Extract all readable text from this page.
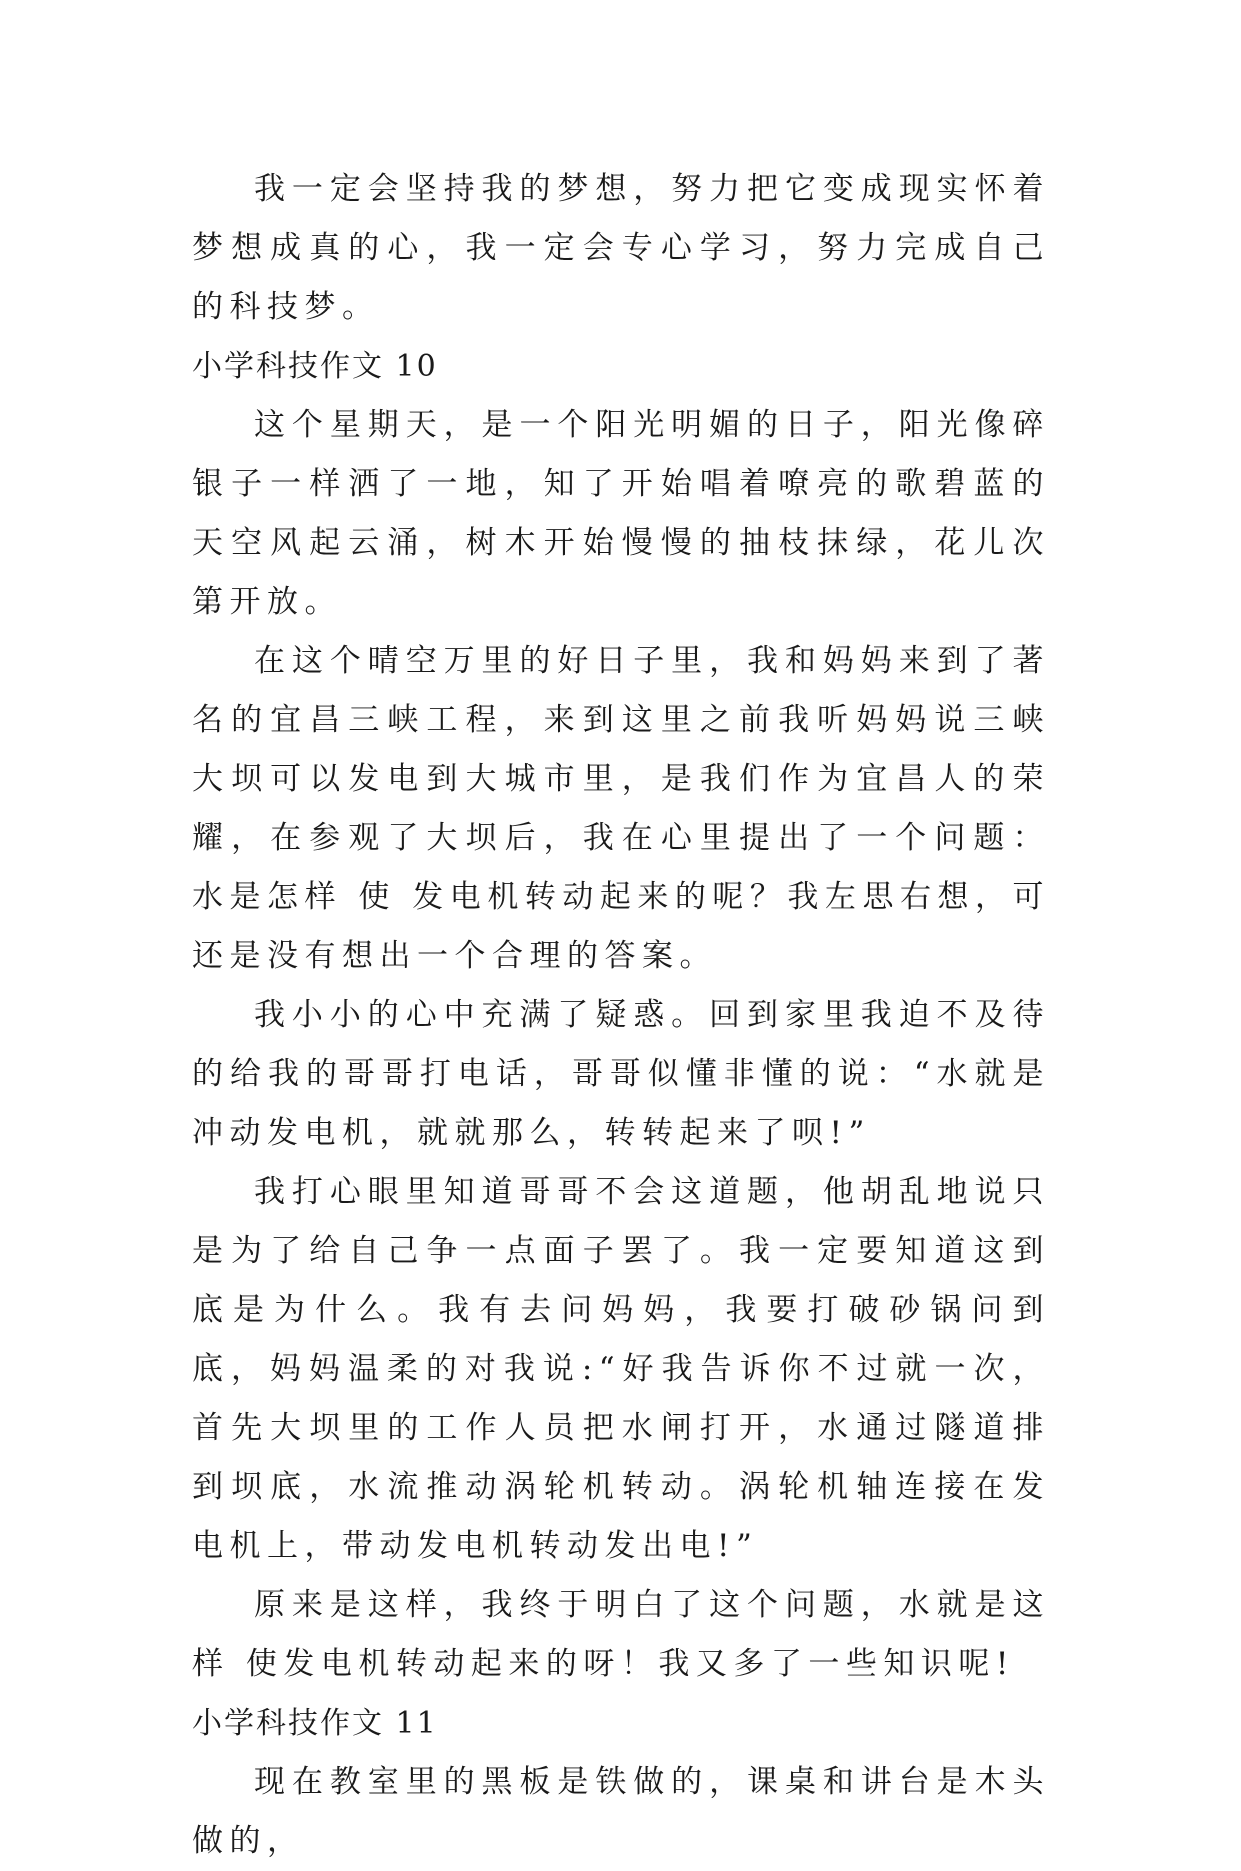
我一定会坚持我的梦想，努力把它变成现实怀着梦想成真的心，我一定会专心学习，努力完成自己的科技梦。

小学科技作文 10

这个星期天，是一个阳光明媚的日子，阳光像碎银子一样洒了一地，知了开始唱着嘹亮的歌碧蓝的天空风起云涌，树木开始慢慢的抽枝抹绿，花儿次第开放。

在这个晴空万里的好日子里，我和妈妈来到了著名的宜昌三峡工程，来到这里之前我听妈妈说三峡大坝可以发电到大城市里，是我们作为宜昌人的荣耀，在参观了大坝后，我在心里提出了一个问题：水是怎样 使 发电机转动起来的呢？我左思右想，可还是没有想出一个合理的答案。

我小小的心中充满了疑惑。回到家里我迫不及待的给我的哥哥打电话，哥哥似懂非懂的说：“水就是冲动发电机，就就那么，转转起来了呗!”

我打心眼里知道哥哥不会这道题，他胡乱地说只是为了给自己争一点面子罢了。我一定要知道这到底是为什么。我有去问妈妈，我要打破砂锅问到底，妈妈温柔的对我说:“好我告诉你不过就一次，首先大坝里的工作人员把水闸打开，水通过隧道排到坝底，水流推动涡轮机转动。涡轮机轴连接在发电机上，带动发电机转动发出电!”

原来是这样，我终于明白了这个问题，水就是这样 使发电机转动起来的呀！我又多了一些知识呢!

小学科技作文 11

现在教室里的黑板是铁做的，课桌和讲台是木头做的，
